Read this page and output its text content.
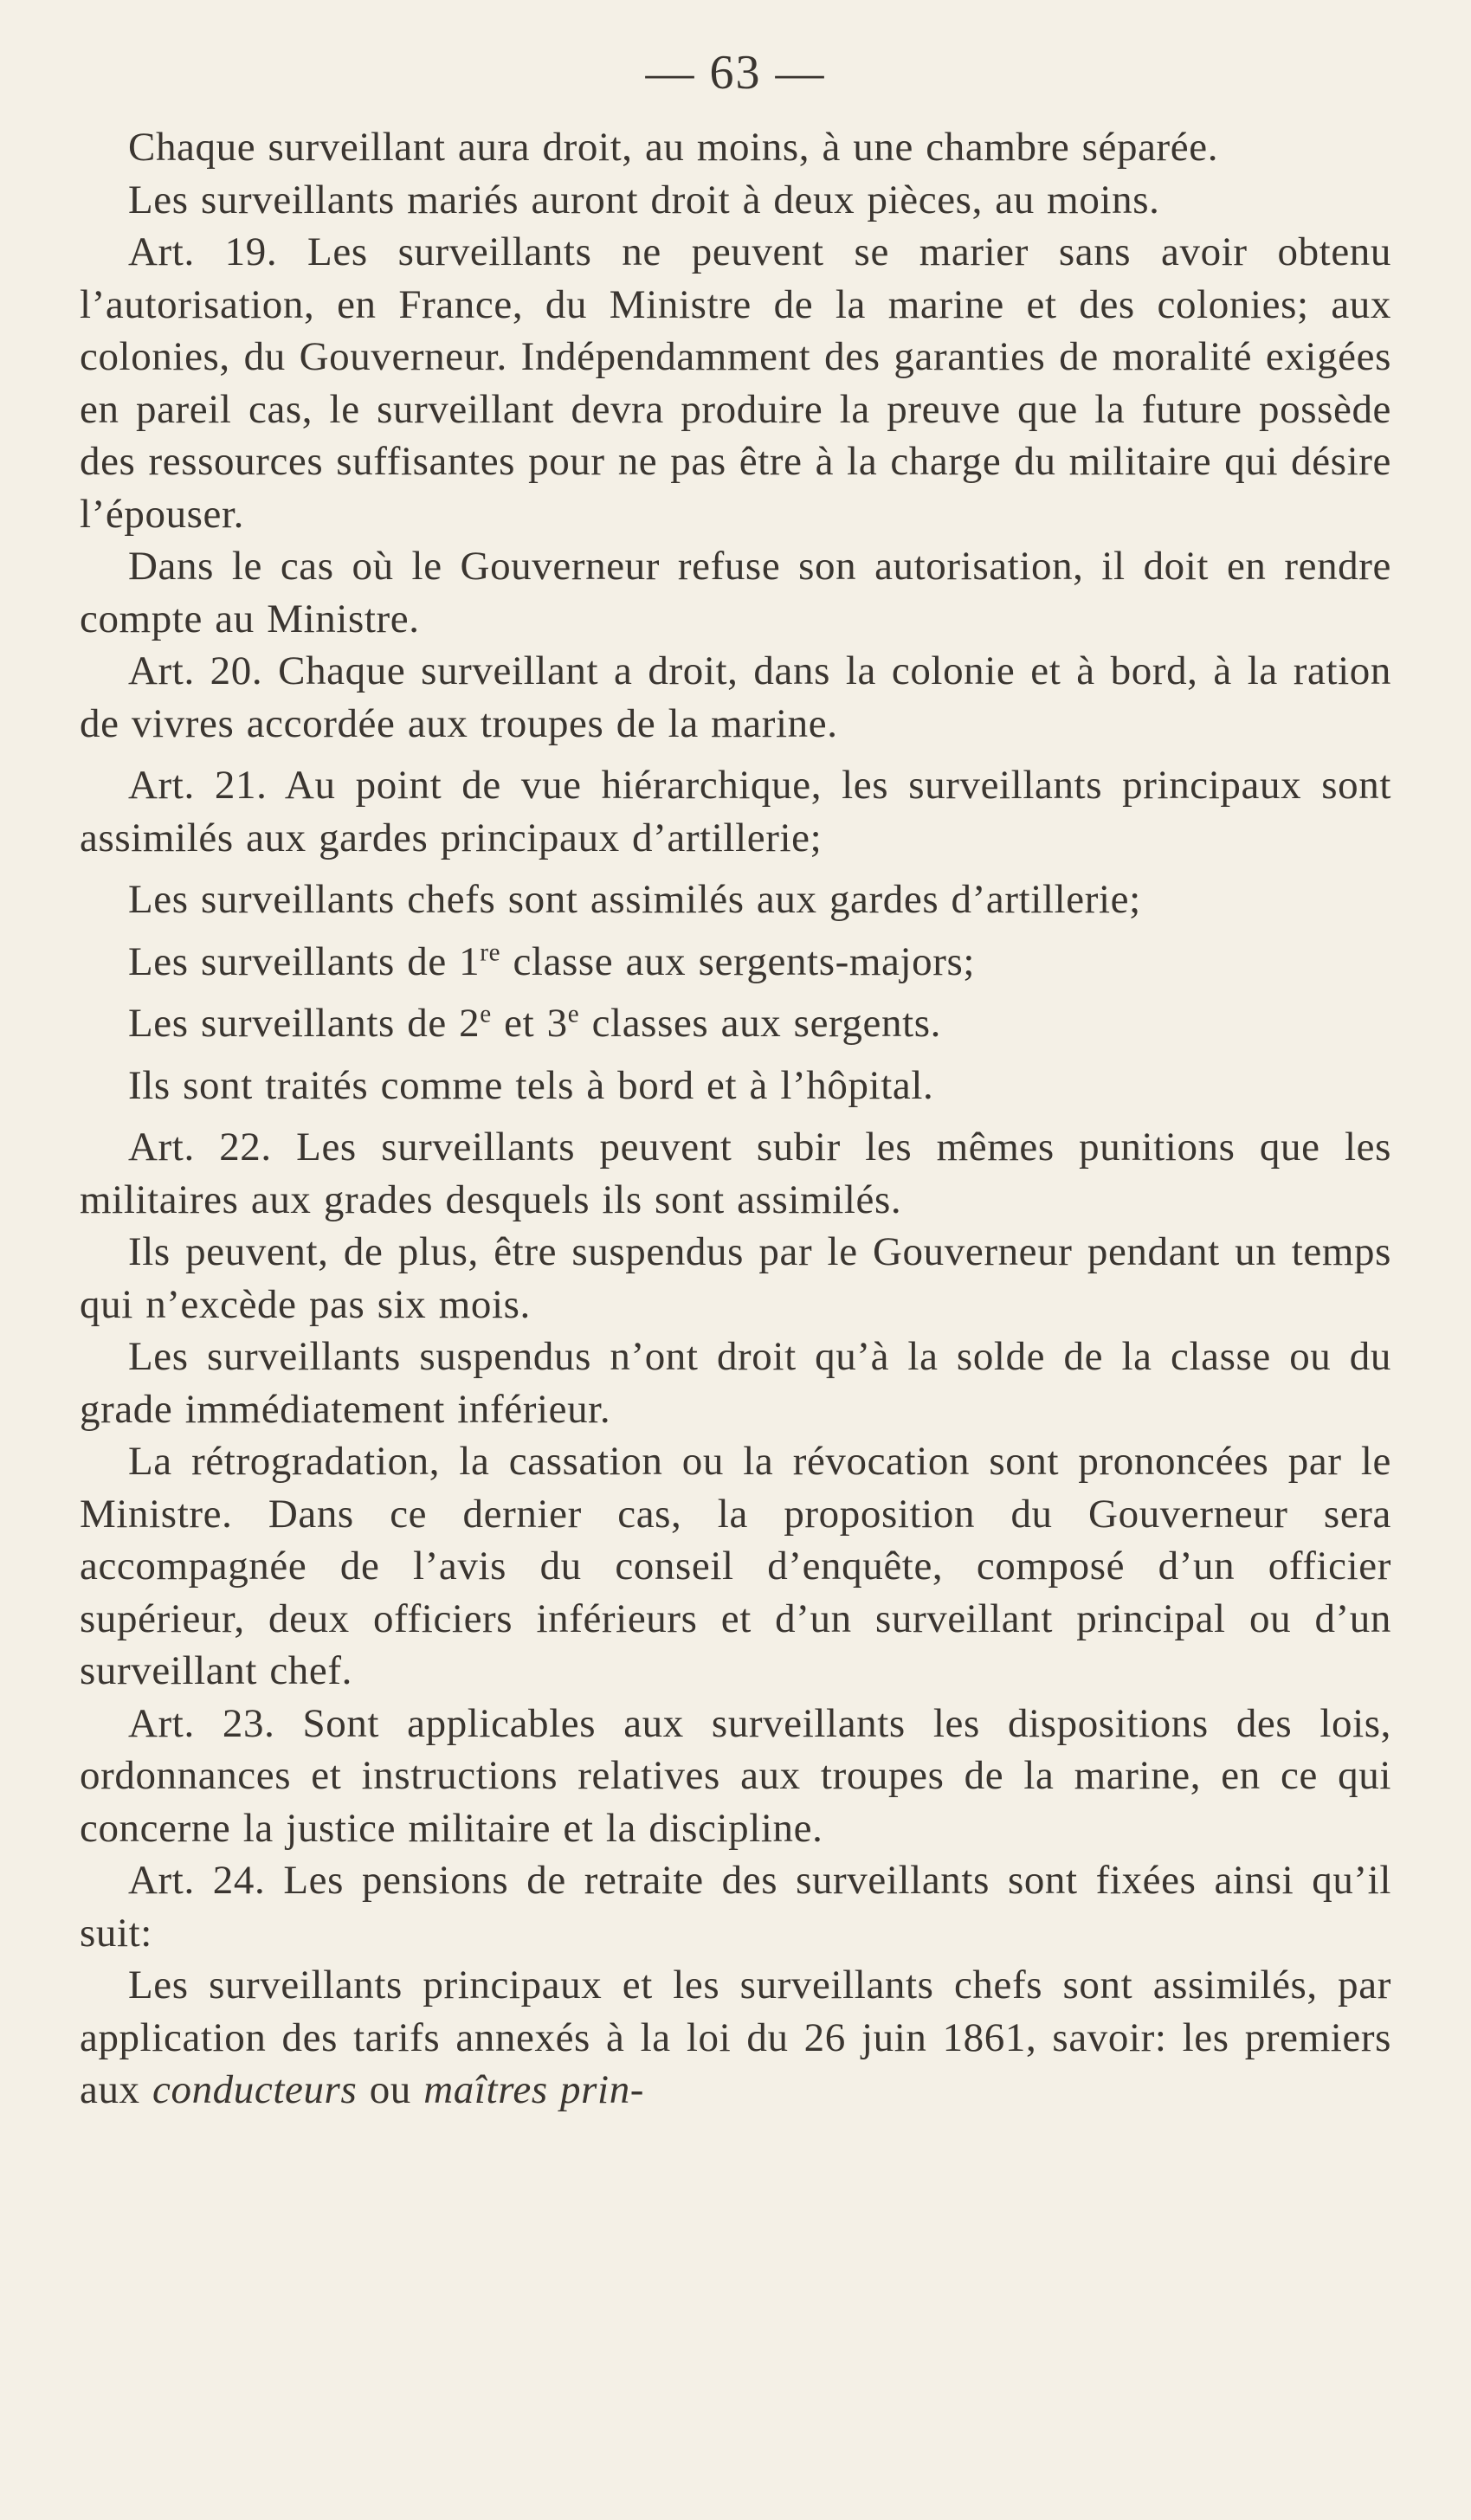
— 63 —

Chaque surveillant aura droit, au moins, à une chambre séparée.

Les surveillants mariés auront droit à deux pièces, au moins.

Art. 19. Les surveillants ne peuvent se marier sans avoir obtenu l’autorisation, en France, du Ministre de la marine et des colonies; aux colonies, du Gouverneur. Indépendamment des garanties de moralité exigées en pareil cas, le surveillant devra produire la preuve que la future possède des ressources suffisantes pour ne pas être à la charge du militaire qui désire l’épouser.

Dans le cas où le Gouverneur refuse son autorisation, il doit en rendre compte au Ministre.

Art. 20. Chaque surveillant a droit, dans la colonie et à bord, à la ration de vivres accordée aux troupes de la marine.

Art. 21. Au point de vue hiérarchique, les surveillants principaux sont assimilés aux gardes principaux d’artillerie;

Les surveillants chefs sont assimilés aux gardes d’artillerie;

Les surveillants de 1re classe aux sergents-majors;

Les surveillants de 2e et 3e classes aux sergents.

Ils sont traités comme tels à bord et à l’hôpital.

Art. 22. Les surveillants peuvent subir les mêmes punitions que les militaires aux grades desquels ils sont assimilés.

Ils peuvent, de plus, être suspendus par le Gouverneur pendant un temps qui n’excède pas six mois.

Les surveillants suspendus n’ont droit qu’à la solde de la classe ou du grade immédiatement inférieur.

La rétrogradation, la cassation ou la révocation sont prononcées par le Ministre. Dans ce dernier cas, la proposition du Gouverneur sera accompagnée de l’avis du conseil d’enquête, composé d’un officier supérieur, deux officiers inférieurs et d’un surveillant principal ou d’un surveillant chef.

Art. 23. Sont applicables aux surveillants les dispositions des lois, ordonnances et instructions relatives aux troupes de la marine, en ce qui concerne la justice militaire et la discipline.

Art. 24. Les pensions de retraite des surveillants sont fixées ainsi qu’il suit:

Les surveillants principaux et les surveillants chefs sont assimilés, par application des tarifs annexés à la loi du 26 juin 1861, savoir: les premiers aux conducteurs ou maîtres prin-
